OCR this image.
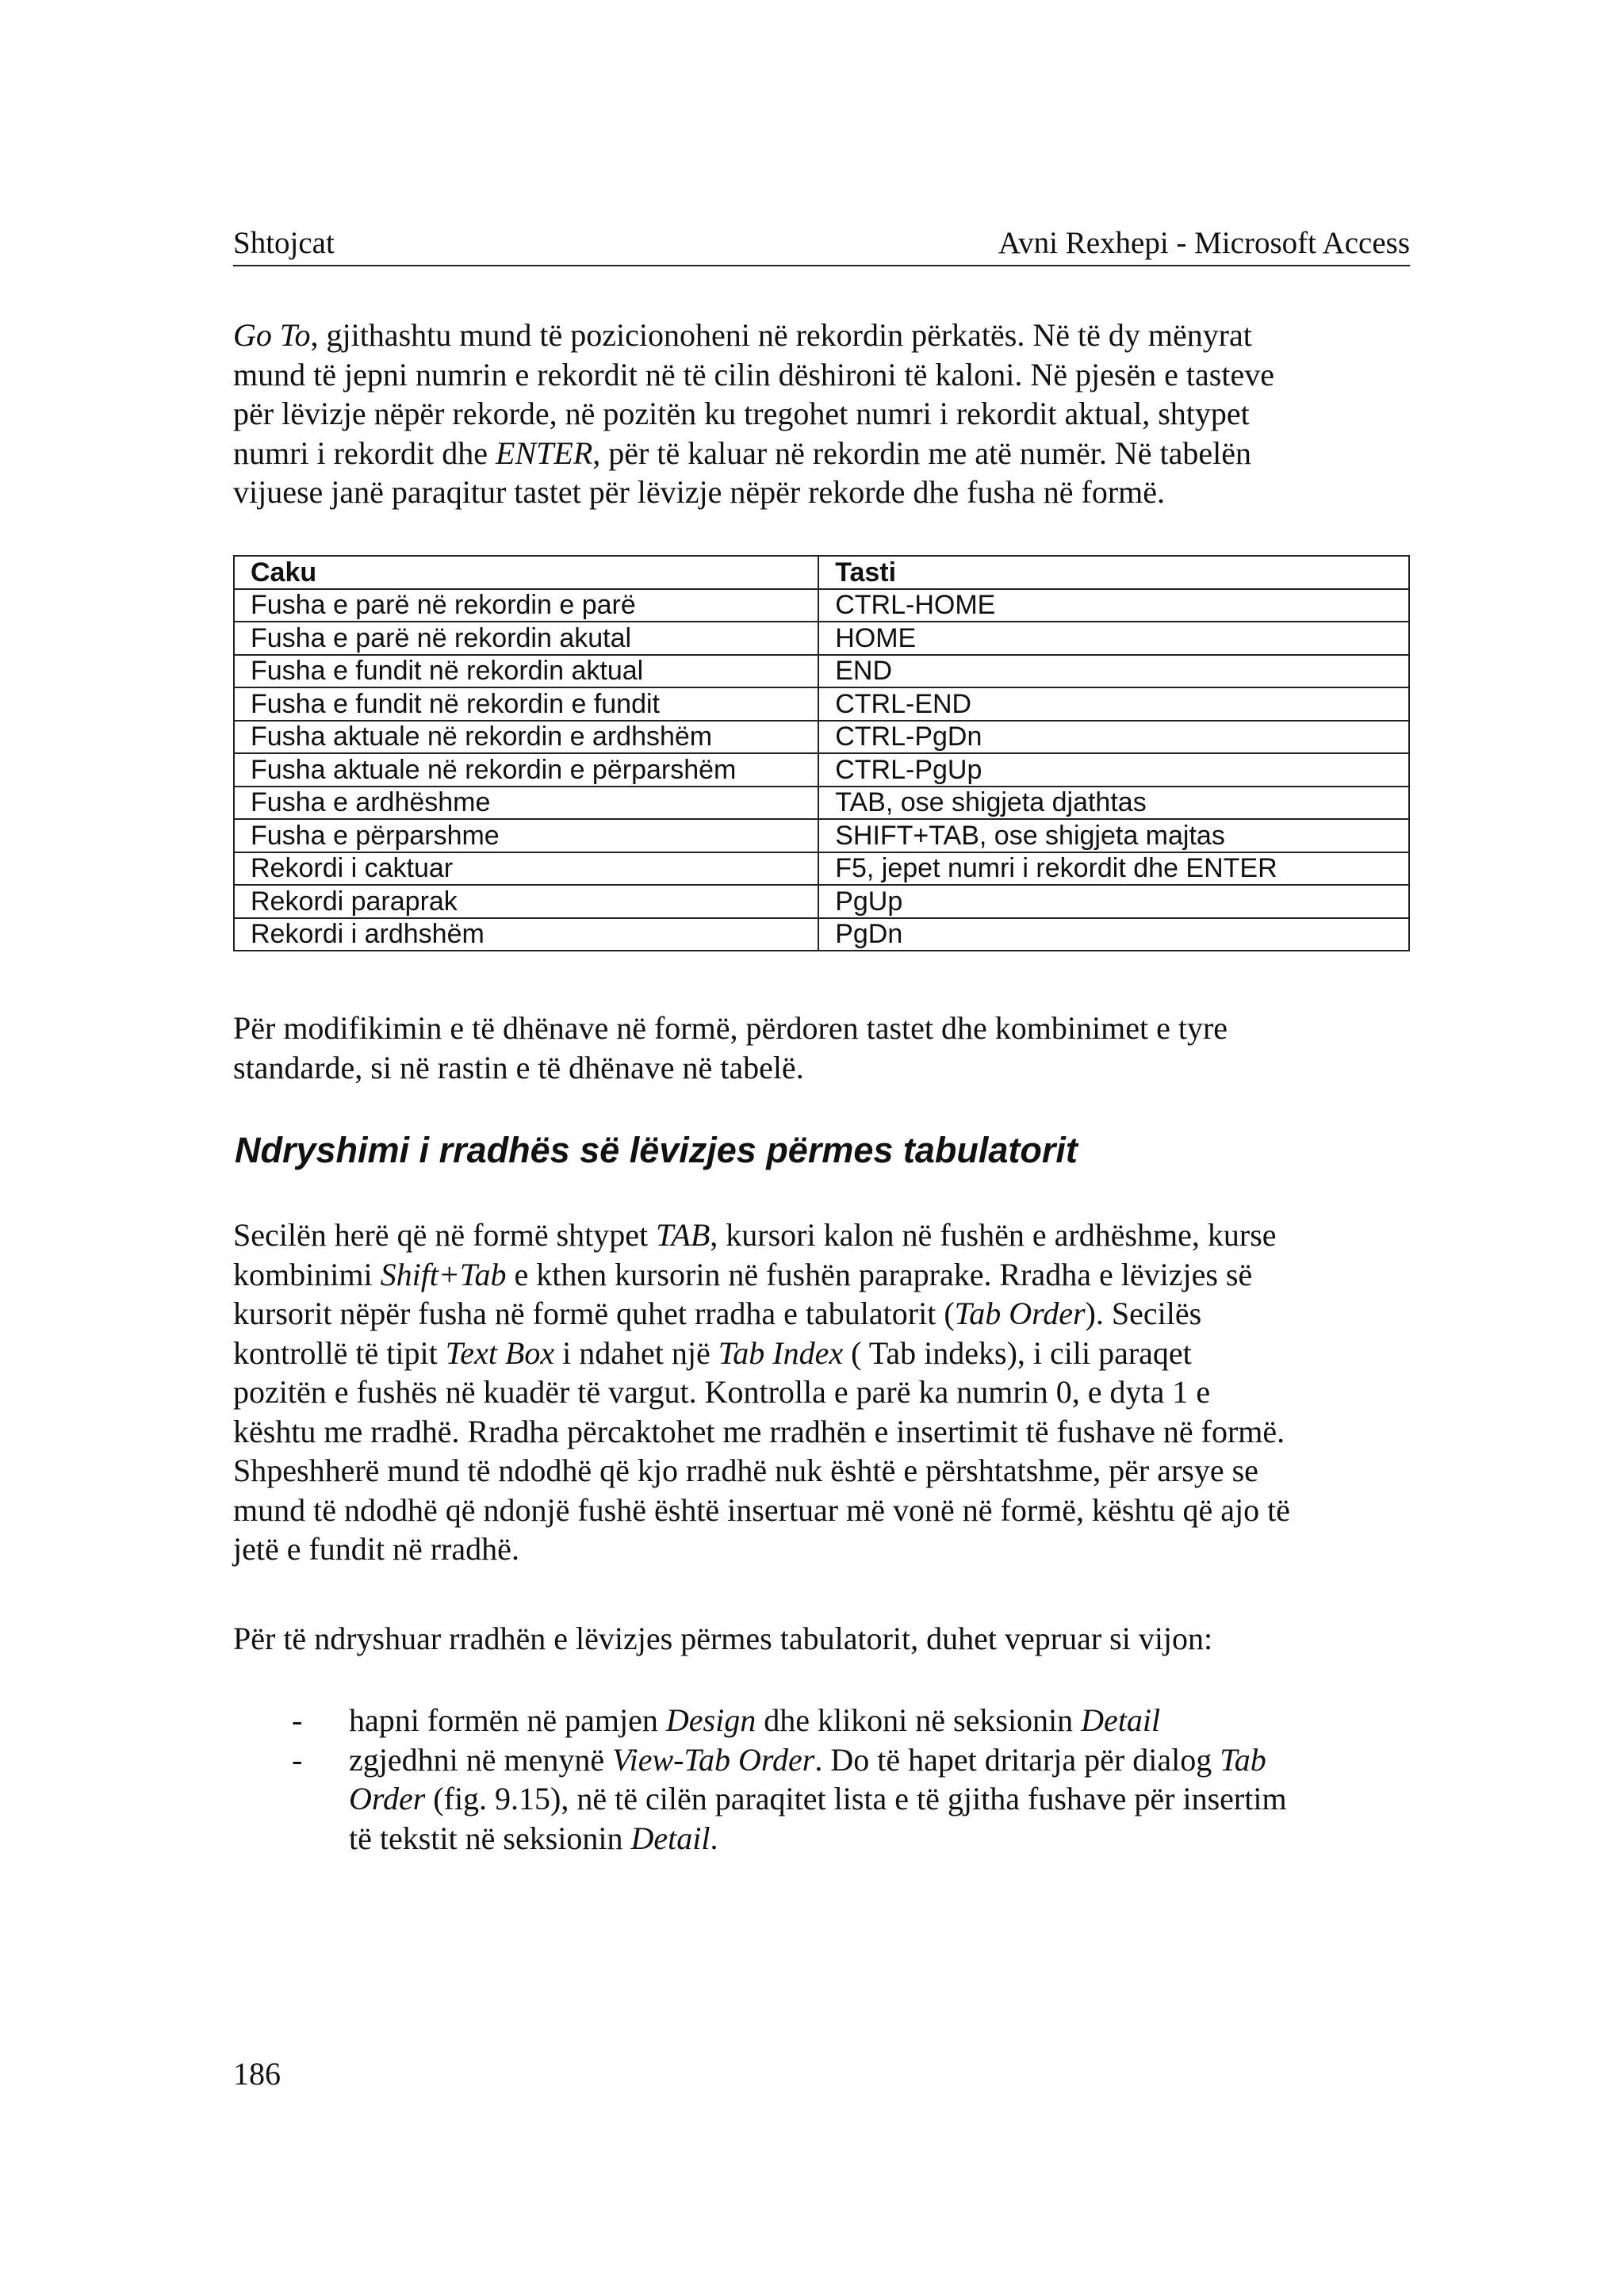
Shtojcat	Avni Rexhepi - Microsoft Access

Go To, gjithashtu mund të pozicionoheni në rekordin përkatës. Në të dy mënyrat
mund të jepni numrin e rekordit në të cilin dëshironi të kaloni. Në pjesën e tasteve
për lëvizje nëpër rekorde, në pozitën ku tregohet numri i rekordit aktual, shtypet
numri i rekordit dhe ENTER, për të kaluar në rekordin me atë numër. Në tabelën
vijuese janë paraqitur tastet për lëvizje nëpër rekorde dhe fusha në formë.

Caku	Tasti
Fusha e parë në rekordin e parë	CTRL-HOME
Fusha e parë në rekordin akutal	HOME
Fusha e fundit në rekordin aktual	END
Fusha e fundit në rekordin e fundit	CTRL-END
Fusha aktuale në rekordin e ardhshëm	CTRL-PgDn
Fusha aktuale në rekordin e përparshëm	CTRL-PgUp
Fusha e ardhëshme	TAB, ose shigjeta djathtas
Fusha e përparshme	SHIFT+TAB, ose shigjeta majtas
Rekordi i caktuar	F5, jepet numri i rekordit dhe ENTER
Rekordi paraprak	PgUp
Rekordi i ardhshëm	PgDn

Për modifikimin e të dhënave në formë, përdoren tastet dhe kombinimet e tyre
standarde, si në rastin e të dhënave në tabelë.

Ndryshimi i rradhës së lëvizjes përmes tabulatorit

Secilën herë që në formë shtypet TAB, kursori kalon në fushën e ardhëshme, kurse
kombinimi Shift+Tab e kthen kursorin në fushën paraprake. Rradha e lëvizjes së
kursorit nëpër fusha në formë quhet rradha e tabulatorit (Tab Order). Secilës
kontrollë të tipit Text Box i ndahet një Tab Index ( Tab indeks), i cili paraqet
pozitën e fushës në kuadër të vargut. Kontrolla e parë ka numrin 0, e dyta 1 e
kështu me rradhë. Rradha përcaktohet me rradhën e insertimit të fushave në formë.
Shpeshherë mund të ndodhë që kjo rradhë nuk është e përshtatshme, për arsye se
mund të ndodhë që ndonjë fushë është insertuar më vonë në formë, kështu që ajo të
jetë e fundit në rradhë.

Për të ndryshuar rradhën e lëvizjes përmes tabulatorit, duhet vepruar si vijon:

- hapni formën në pamjen Design dhe klikoni në seksionin Detail
- zgjedhni në menynë View-Tab Order. Do të hapet dritarja për dialog Tab
Order (fig. 9.15), në të cilën paraqitet lista e të gjitha fushave për insertim
të tekstit në seksionin Detail.
186
